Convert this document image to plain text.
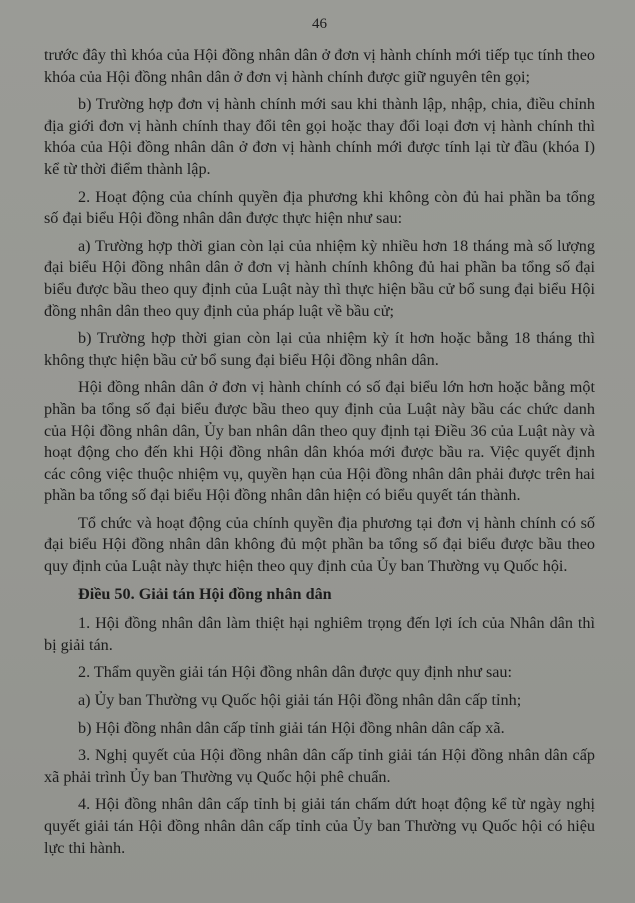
46

trước đây thì khóa của Hội đồng nhân dân ở đơn vị hành chính mới tiếp tục tính theo khóa của Hội đồng nhân dân ở đơn vị hành chính được giữ nguyên tên gọi;

b) Trường hợp đơn vị hành chính mới sau khi thành lập, nhập, chia, điều chỉnh địa giới đơn vị hành chính thay đổi tên gọi hoặc thay đổi loại đơn vị hành chính thì khóa của Hội đồng nhân dân ở đơn vị hành chính mới được tính lại từ đầu (khóa I) kể từ thời điểm thành lập.

2. Hoạt động của chính quyền địa phương khi không còn đủ hai phần ba tổng số đại biểu Hội đồng nhân dân được thực hiện như sau:

a) Trường hợp thời gian còn lại của nhiệm kỳ nhiều hơn 18 tháng mà số lượng đại biểu Hội đồng nhân dân ở đơn vị hành chính không đủ hai phần ba tổng số đại biểu được bầu theo quy định của Luật này thì thực hiện bầu cử bổ sung đại biểu Hội đồng nhân dân theo quy định của pháp luật về bầu cử;

b) Trường hợp thời gian còn lại của nhiệm kỳ ít hơn hoặc bằng 18 tháng thì không thực hiện bầu cử bổ sung đại biểu Hội đồng nhân dân.

Hội đồng nhân dân ở đơn vị hành chính có số đại biểu lớn hơn hoặc bằng một phần ba tổng số đại biểu được bầu theo quy định của Luật này bầu các chức danh của Hội đồng nhân dân, Ủy ban nhân dân theo quy định tại Điều 36 của Luật này và hoạt động cho đến khi Hội đồng nhân dân khóa mới được bầu ra. Việc quyết định các công việc thuộc nhiệm vụ, quyền hạn của Hội đồng nhân dân phải được trên hai phần ba tổng số đại biểu Hội đồng nhân dân hiện có biểu quyết tán thành.

Tổ chức và hoạt động của chính quyền địa phương tại đơn vị hành chính có số đại biểu Hội đồng nhân dân không đủ một phần ba tổng số đại biểu được bầu theo quy định của Luật này thực hiện theo quy định của Ủy ban Thường vụ Quốc hội.

Điều 50. Giải tán Hội đồng nhân dân

1. Hội đồng nhân dân làm thiệt hại nghiêm trọng đến lợi ích của Nhân dân thì bị giải tán.

2. Thẩm quyền giải tán Hội đồng nhân dân được quy định như sau:

a) Ủy ban Thường vụ Quốc hội giải tán Hội đồng nhân dân cấp tỉnh;

b) Hội đồng nhân dân cấp tỉnh giải tán Hội đồng nhân dân cấp xã.

3. Nghị quyết của Hội đồng nhân dân cấp tỉnh giải tán Hội đồng nhân dân cấp xã phải trình Ủy ban Thường vụ Quốc hội phê chuẩn.

4. Hội đồng nhân dân cấp tỉnh bị giải tán chấm dứt hoạt động kể từ ngày nghị quyết giải tán Hội đồng nhân dân cấp tỉnh của Ủy ban Thường vụ Quốc hội có hiệu lực thi hành.
